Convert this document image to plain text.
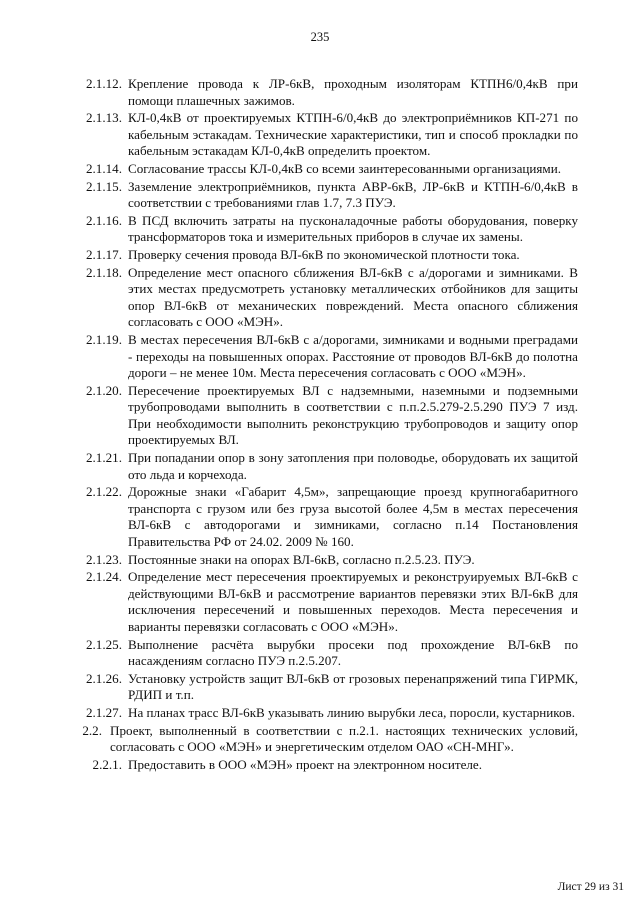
235
2.1.12. Крепление провода к ЛР-6кВ, проходным изоляторам КТПН6/0,4кВ при помощи плашечных зажимов.
2.1.13. КЛ-0,4кВ от проектируемых КТПН-6/0,4кВ до электроприёмников КП-271 по кабельным эстакадам. Технические характеристики, тип и способ прокладки по кабельным эстакадам КЛ-0,4кВ определить проектом.
2.1.14. Согласование трассы КЛ-0,4кВ со всеми заинтересованными организациями.
2.1.15. Заземление электроприёмников, пункта АВР-6кВ, ЛР-6кВ и КТПН-6/0,4кВ в соответствии с требованиями глав 1.7, 7.3 ПУЭ.
2.1.16. В ПСД включить затраты на пусконаладочные работы оборудования, поверку трансформаторов тока и измерительных приборов в случае их замены.
2.1.17. Проверку сечения провода ВЛ-6кВ по экономической плотности тока.
2.1.18. Определение мест опасного сближения ВЛ-6кВ с а/дорогами и зимниками. В этих местах предусмотреть установку металлических отбойников для защиты опор ВЛ-6кВ от механических повреждений. Места опасного сближения согласовать с ООО «МЭН».
2.1.19. В местах пересечения ВЛ-6кВ с а/дорогами, зимниками и водными преградами - переходы на повышенных опорах. Расстояние от проводов ВЛ-6кВ до полотна дороги – не менее 10м. Места пересечения согласовать с ООО «МЭН».
2.1.20. Пересечение проектируемых ВЛ с надземными, наземными и подземными трубопроводами выполнить в соответствии с п.п.2.5.279-2.5.290 ПУЭ 7 изд. При необходимости выполнить реконструкцию трубопроводов и защиту опор проектируемых ВЛ.
2.1.21. При попадании опор в зону затопления при половодье, оборудовать их защитой ото льда и корчехода.
2.1.22. Дорожные знаки «Габарит 4,5м», запрещающие проезд крупногабаритного транспорта с грузом или без груза высотой более 4,5м в местах пересечения ВЛ-6кВ с автодорогами и зимниками, согласно п.14 Постановления Правительства РФ от 24.02. 2009 № 160.
2.1.23. Постоянные знаки на опорах ВЛ-6кВ, согласно п.2.5.23. ПУЭ.
2.1.24. Определение мест пересечения проектируемых и реконструируемых ВЛ-6кВ с действующими ВЛ-6кВ и рассмотрение вариантов перевязки этих ВЛ-6кВ для исключения пересечений и повышенных переходов. Места пересечения и варианты перевязки согласовать с ООО «МЭН».
2.1.25. Выполнение расчёта вырубки просеки под прохождение ВЛ-6кВ по насаждениям согласно ПУЭ п.2.5.207.
2.1.26. Установку устройств защит ВЛ-6кВ от грозовых перенапряжений типа ГИРМК, РДИП и т.п.
2.1.27. На планах трасс ВЛ-6кВ указывать линию вырубки леса, поросли, кустарников.
2.2. Проект, выполненный в соответствии с п.2.1. настоящих технических условий, согласовать с ООО «МЭН» и энергетическим отделом ОАО «СН-МНГ».
2.2.1. Предоставить в ООО «МЭН» проект на электронном носителе.
Лист 29 из 31
